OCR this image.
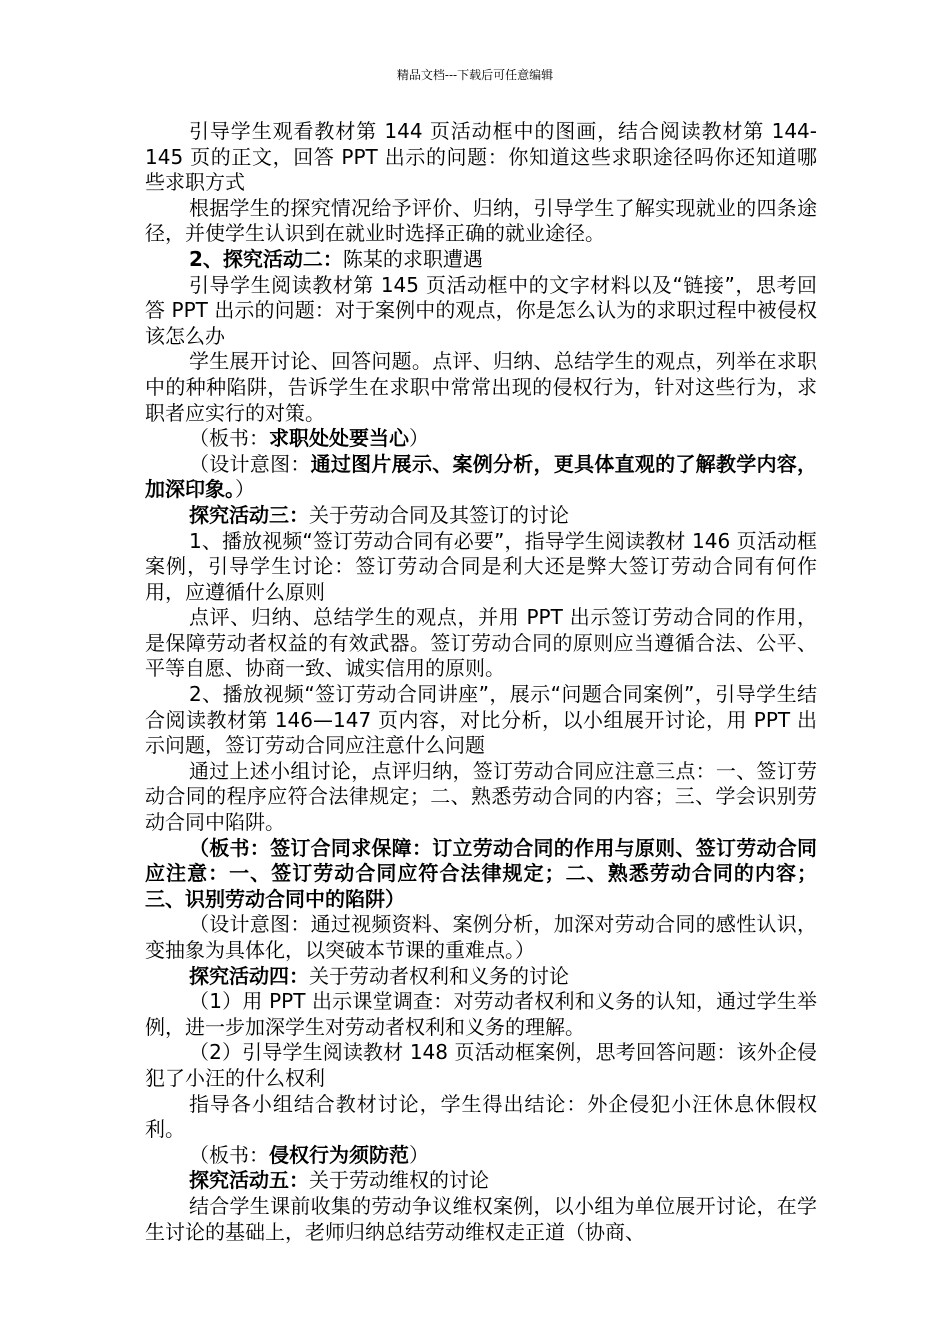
精品文档---下载后可任意编辑

引导学生观看教材第 144 页活动框中的图画，结合阅读教材第 144-145 页的正文，回答 PPT 出示的问题：你知道这些求职途径吗你还知道哪些求职方式

根据学生的探究情况给予评价、归纳，引导学生了解实现就业的四条途径，并使学生认识到在就业时选择正确的就业途径。

2、探究活动二：陈某的求职遭遇

引导学生阅读教材第 145 页活动框中的文字材料以及“链接”，思考回答 PPT 出示的问题：对于案例中的观点，你是怎么认为的求职过程中被侵权该怎么办

学生展开讨论、回答问题。点评、归纳、总结学生的观点，列举在求职中的种种陷阱，告诉学生在求职中常常出现的侵权行为，针对这些行为，求职者应实行的对策。

（板书：求职处处要当心）

（设计意图：通过图片展示、案例分析，更具体直观的了解教学内容，加深印象。）

探究活动三：关于劳动合同及其签订的讨论

1、播放视频“签订劳动合同有必要”，指导学生阅读教材 146 页活动框案例，引导学生讨论：签订劳动合同是利大还是弊大签订劳动合同有何作用，应遵循什么原则

点评、归纳、总结学生的观点，并用 PPT 出示签订劳动合同的作用，是保障劳动者权益的有效武器。签订劳动合同的原则应当遵循合法、公平、平等自愿、协商一致、诚实信用的原则。

2、播放视频“签订劳动合同讲座”，展示“问题合同案例”，引导学生结合阅读教材第 146—147 页内容，对比分析，以小组展开讨论，用 PPT 出示问题，签订劳动合同应注意什么问题

通过上述小组讨论，点评归纳，签订劳动合同应注意三点：一、签订劳动合同的程序应符合法律规定；二、熟悉劳动合同的内容；三、学会识别劳动合同中陷阱。

（板书：签订合同求保障：订立劳动合同的作用与原则、签订劳动合同应注意：一、签订劳动合同应符合法律规定；二、熟悉劳动合同的内容；三、识别劳动合同中的陷阱）

（设计意图：通过视频资料、案例分析，加深对劳动合同的感性认识，变抽象为具体化，以突破本节课的重难点。）

探究活动四：关于劳动者权利和义务的讨论

（1）用 PPT 出示课堂调查：对劳动者权利和义务的认知，通过学生举例，进一步加深学生对劳动者权利和义务的理解。

（2）引导学生阅读教材 148 页活动框案例，思考回答问题：该外企侵犯了小汪的什么权利

指导各小组结合教材讨论，学生得出结论：外企侵犯小汪休息休假权利。

（板书：侵权行为须防范）

探究活动五：关于劳动维权的讨论

结合学生课前收集的劳动争议维权案例，以小组为单位展开讨论，在学生讨论的基础上，老师归纳总结劳动维权走正道（协商、
